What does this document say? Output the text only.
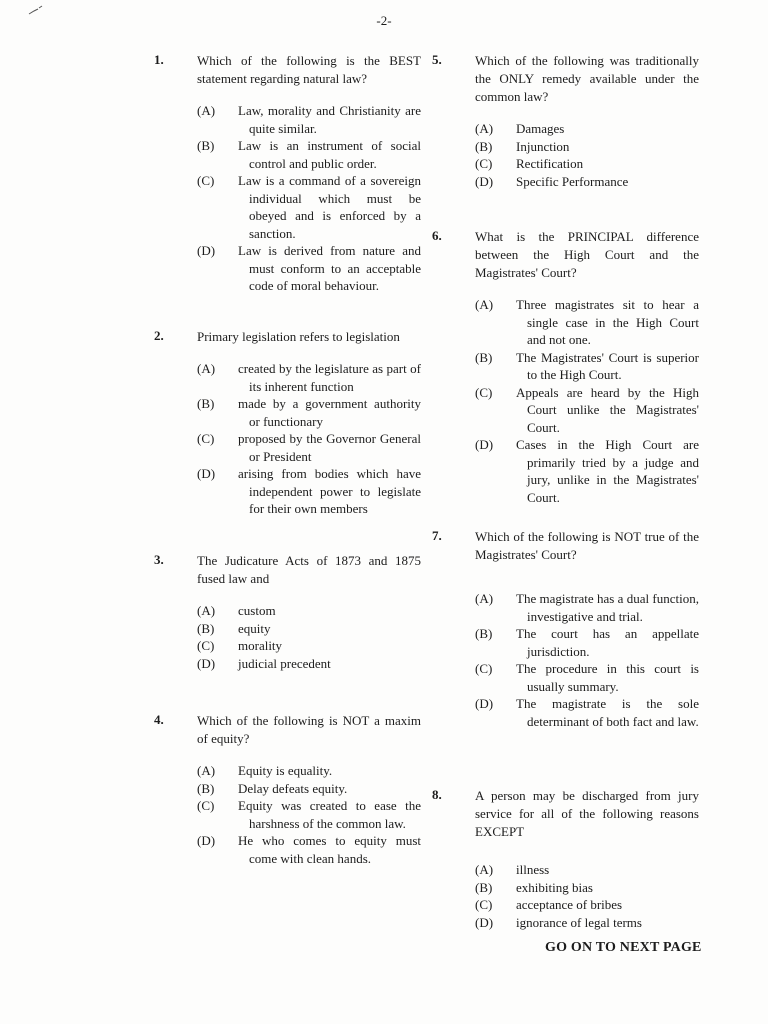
-2-
1.	Which of the following is the BEST statement regarding natural law?
(A) Law, morality and Christianity are quite similar.
(B) Law is an instrument of social control and public order.
(C) Law is a command of a sovereign individual which must be obeyed and is enforced by a sanction.
(D) Law is derived from nature and must conform to an acceptable code of moral behaviour.
2.	Primary legislation refers to legislation
(A) created by the legislature as part of its inherent function
(B) made by a government authority or functionary
(C) proposed by the Governor General or President
(D) arising from bodies which have independent power to legislate for their own members
3.	The Judicature Acts of 1873 and 1875 fused law and
(A) custom
(B) equity
(C) morality
(D) judicial precedent
4.	Which of the following is NOT a maxim of equity?
(A) Equity is equality.
(B) Delay defeats equity.
(C) Equity was created to ease the harshness of the common law.
(D) He who comes to equity must come with clean hands.
5.	Which of the following was traditionally the ONLY remedy available under the common law?
(A) Damages
(B) Injunction
(C) Rectification
(D) Specific Performance
6.	What is the PRINCIPAL difference between the High Court and the Magistrates' Court?
(A) Three magistrates sit to hear a single case in the High Court and not one.
(B) The Magistrates' Court is superior to the High Court.
(C) Appeals are heard by the High Court unlike the Magistrates' Court.
(D) Cases in the High Court are primarily tried by a judge and jury, unlike in the Magistrates' Court.
7.	Which of the following is NOT true of the Magistrates' Court?
(A) The magistrate has a dual function, investigative and trial.
(B) The court has an appellate jurisdiction.
(C) The procedure in this court is usually summary.
(D) The magistrate is the sole determinant of both fact and law.
8.	A person may be discharged from jury service for all of the following reasons EXCEPT
(A) illness
(B) exhibiting bias
(C) acceptance of bribes
(D) ignorance of legal terms
GO ON TO NEXT PAGE
